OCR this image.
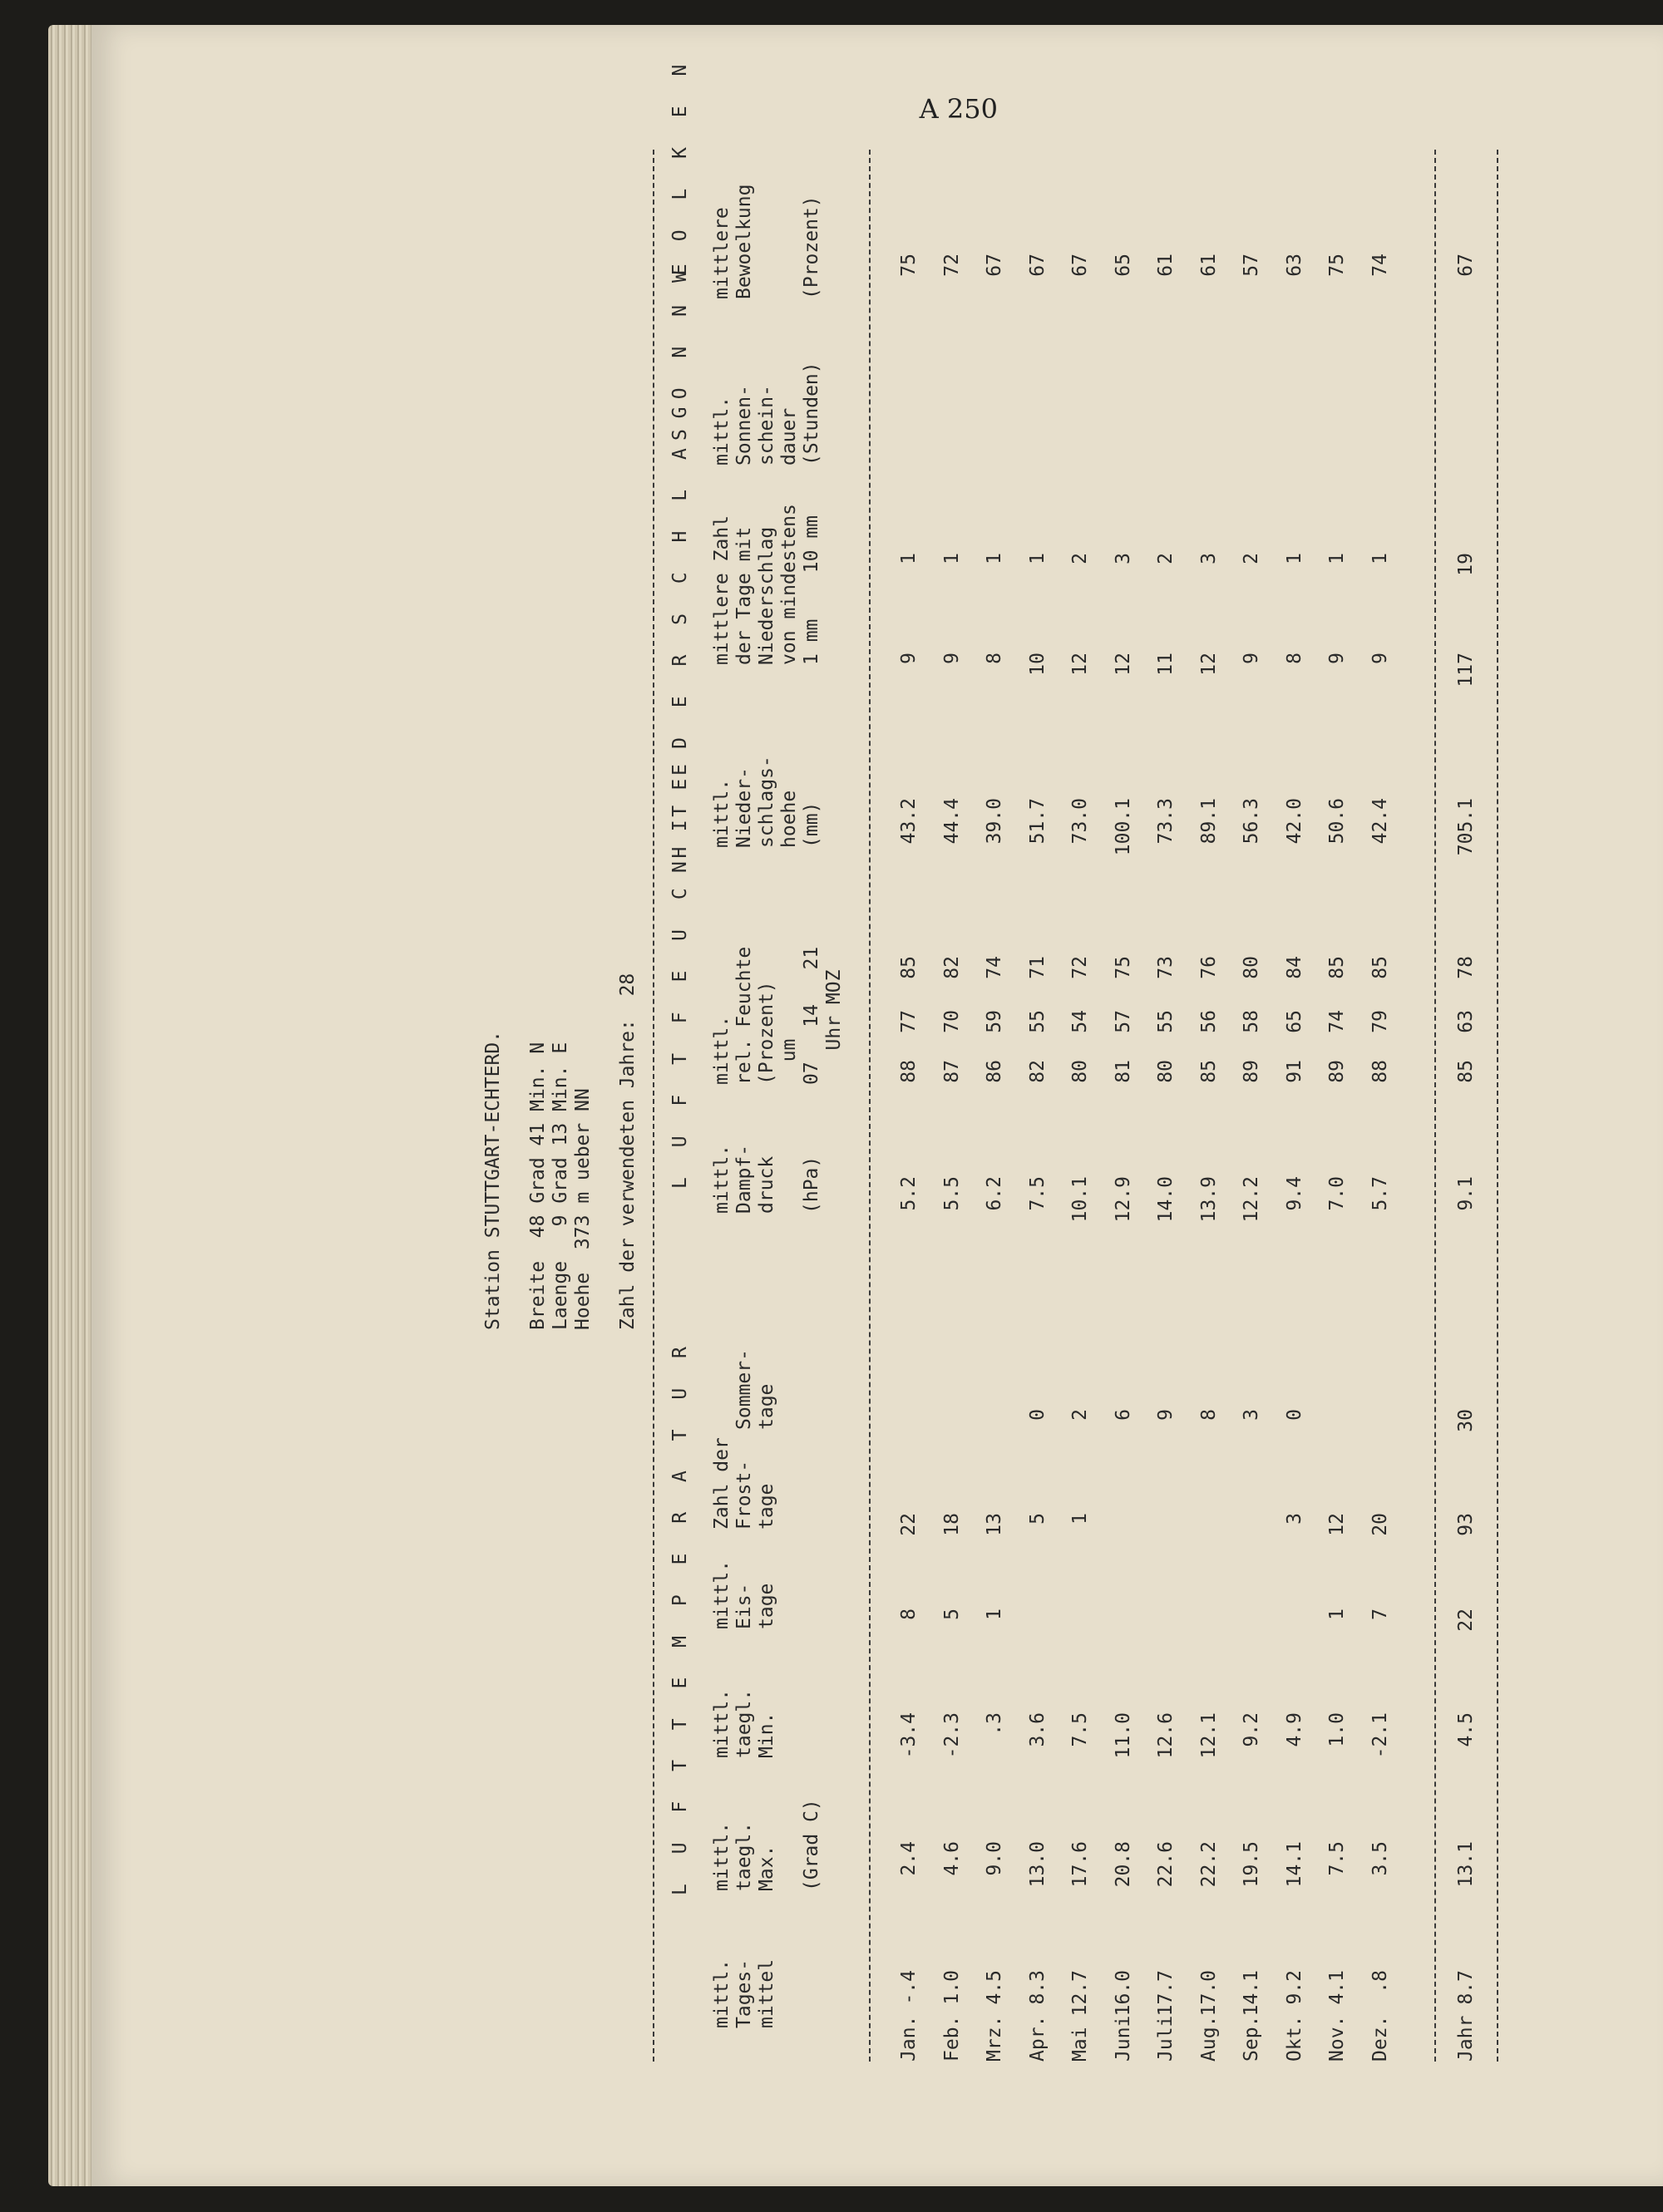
A 250
Station STUTTGART-ECHTERD. Breite  48 Grad 41 Min. N Laenge   9 Grad 13 Min. E Hoehe  373 m ueber NN Zahl der verwendeten Jahre:  28
L U F T T E M P E R A T U R
L U F T F E U C H T E
N I E D E R S C H L A G
S O N N E
W O L K E N
mittl.
Tages-
mittel

mittl.
taegl.
Max.

(Grad C)
mittl.
taegl.
Min.

mittl.
Eis-
tage

Zahl der
Frost-
tage

Sommer-
tage

mittl.
Dampf-
druck

(hPa)
mittl.
rel. Feuchte
(Prozent)
um
07   14   21
Uhr MOZ
mittl.
Nieder-
schlags-
hoehe
(mm)
mittlere Zahl
der Tage mit
Niederschlag
von mindestens
1 mm    10 mm
mittl.
Sonnen-
schein-
dauer
(Stunden)
mittlere
Bewoelkung

(Prozent)
Jan.
-.4
2.4
-3.4
8
22
5.2
88
77
85
43.2
9
1
75
Feb.
1.0
4.6
-2.3
5
18
5.5
87
70
82
44.4
9
1
72
Mrz.
4.5
9.0
.3
1
13
6.2
86
59
74
39.0
8
1
67
Apr.
8.3
13.0
3.6
5
0
7.5
82
55
71
51.7
10
1
67
Mai
12.7
17.6
7.5
1
2
10.1
80
54
72
73.0
12
2
67
Juni
16.0
20.8
11.0
6
12.9
81
57
75
100.1
12
3
65
Juli
17.7
22.6
12.6
9
14.0
80
55
73
73.3
11
2
61
Aug.
17.0
22.2
12.1
8
13.9
85
56
76
89.1
12
3
61
Sep.
14.1
19.5
9.2
3
12.2
89
58
80
56.3
9
2
57
Okt.
9.2
14.1
4.9
3
0
9.4
91
65
84
42.0
8
1
63
Nov.
4.1
7.5
1.0
1
12
7.0
89
74
85
50.6
9
1
75
Dez.
.8
3.5
-2.1
7
20
5.7
88
79
85
42.4
9
1
74
Jahr
8.7
13.1
4.5
22
93
30
9.1
85
63
78
705.1
117
19
67
